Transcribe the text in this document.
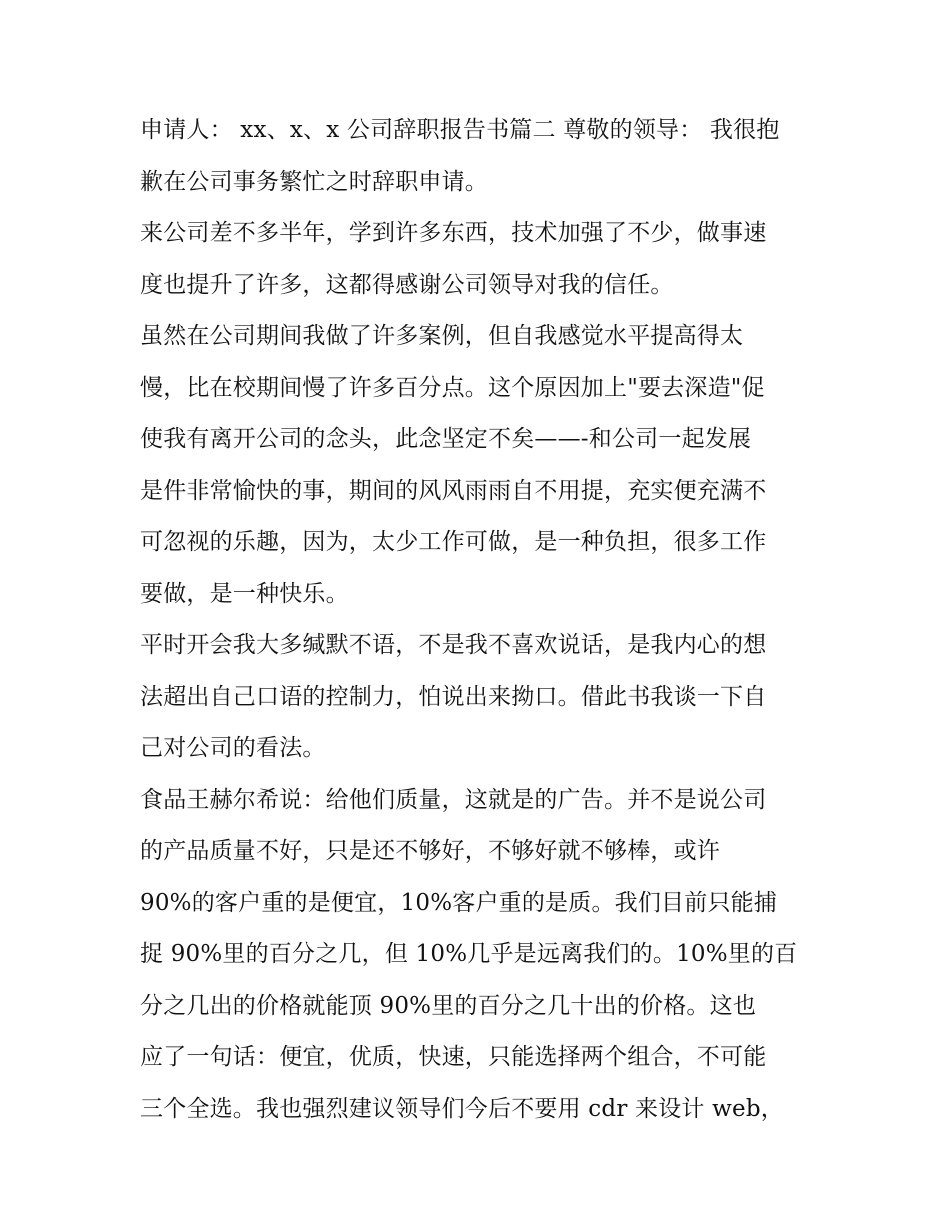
申请人： xx、x、x 公司辞职报告书篇二 尊敬的领导： 我很抱
歉在公司事务繁忙之时辞职申请。
来公司差不多半年，学到许多东西，技术加强了不少，做事速
度也提升了许多，这都得感谢公司领导对我的信任。
虽然在公司期间我做了许多案例，但自我感觉水平提高得太
慢，比在校期间慢了许多百分点。这个原因加上"要去深造"促
使我有离开公司的念头，此念坚定不矣——-和公司一起发展
是件非常愉快的事，期间的风风雨雨自不用提，充实便充满不
可忽视的乐趣，因为，太少工作可做，是一种负担，很多工作
要做，是一种快乐。
平时开会我大多缄默不语，不是我不喜欢说话，是我内心的想
法超出自己口语的控制力，怕说出来拗口。借此书我谈一下自
己对公司的看法。
食品王赫尔希说：给他们质量，这就是的广告。并不是说公司
的产品质量不好，只是还不够好，不够好就不够棒，或许
90%的客户重的是便宜，10%客户重的是质。我们目前只能捕
捉 90%里的百分之几，但 10%几乎是远离我们的。10%里的百
分之几出的价格就能顶 90%里的百分之几十出的价格。这也
应了一句话：便宜，优质，快速，只能选择两个组合，不可能
三个全选。我也强烈建议领导们今后不要用 cdr 来设计 web，
